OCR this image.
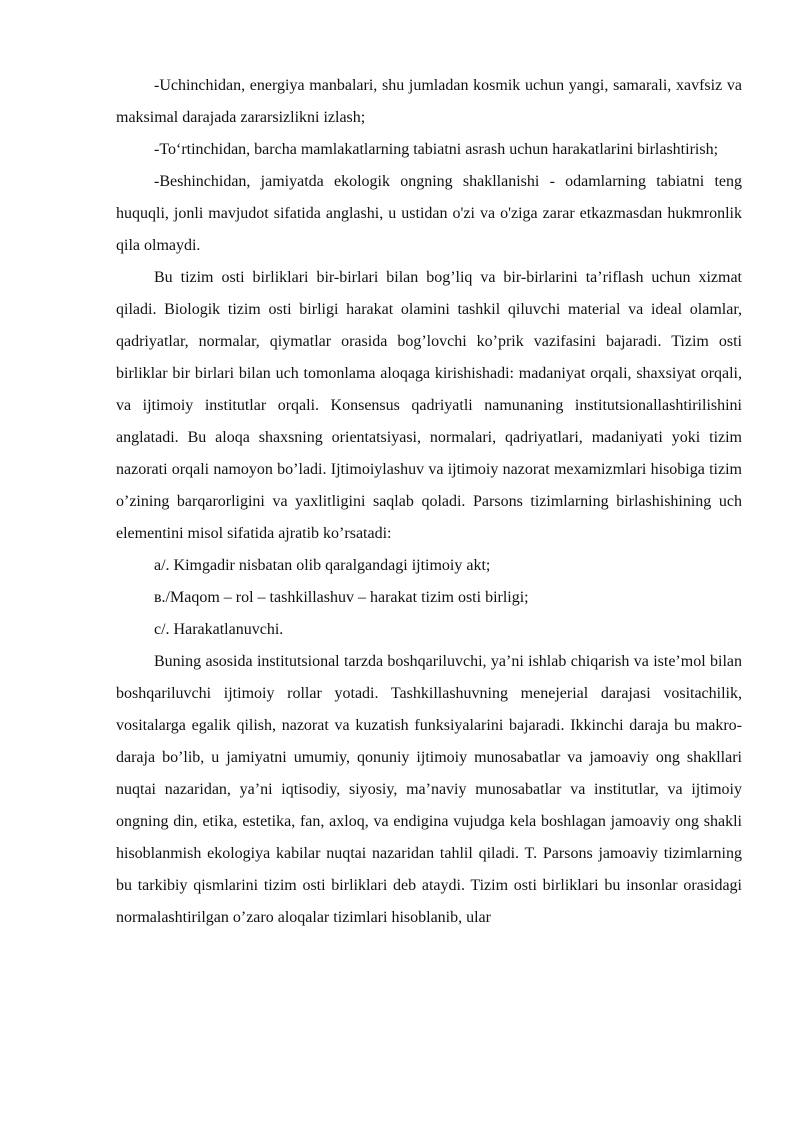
-Uchinchidan, energiya manbalari, shu jumladan kosmik uchun yangi, samarali, xavfsiz va maksimal darajada zararsizlikni izlash;

-To‘rtinchidan, barcha mamlakatlarning tabiatni asrash uchun harakatlarini birlashtirish;

-Beshinchidan, jamiyatda ekologik ongning shakllanishi - odamlarning tabiatni teng huquqli, jonli mavjudot sifatida anglashi, u ustidan o'zi va o'ziga zarar etkazmasdan hukmronlik qila olmaydi.

Bu tizim osti birliklari bir-birlari bilan bog’liq va bir-birlarini ta’riflash uchun xizmat qiladi. Biologik tizim osti birligi harakat olamini tashkil qiluvchi material va ideal olamlar, qadriyatlar, normalar, qiymatlar orasida bog’lovchi ko’prik vazifasini bajaradi. Tizim osti birliklar bir birlari bilan uch tomonlama aloqaga kirishishadi: madaniyat orqali, shaxsiyat orqali, va ijtimoiy institutlar orqali. Konsensus qadriyatli namunaning institutsionallashtirilishini anglatadi. Bu aloqa shaxsning orientatsiyasi, normalari, qadriyatlari, madaniyati yoki tizim nazorati orqali namoyon bo’ladi. Ijtimoiylashuv va ijtimoiy nazorat mexamizmlari hisobiga tizim o’zining barqarorligini va yaxlitligini saqlab qoladi. Parsons tizimlarning birlashishining uch elementini misol sifatida ajratib ko’rsatadi:

a/. Kimgadir nisbatan olib qaralgandagi ijtimoiy akt;

в./Maqom – rol – tashkillashuv – harakat tizim osti birligi;

c/. Harakatlanuvchi.

Buning asosida institutsional tarzda boshqariluvchi, ya’ni ishlab chiqarish va iste’mol bilan boshqariluvchi ijtimoiy rollar yotadi. Tashkillashuvning menejerial darajasi vositachilik, vositalarga egalik qilish, nazorat va kuzatish funksiyalarini bajaradi. Ikkinchi daraja bu makro-daraja bo’lib, u jamiyatni umumiy, qonuniy ijtimoiy munosabatlar va jamoaviy ong shakllari nuqtai nazaridan, ya’ni iqtisodiy, siyosiy, ma’naviy munosabatlar va institutlar, va ijtimoiy ongning din, etika, estetika, fan, axloq, va endigina vujudga kela boshlagan jamoaviy ong shakli hisoblanmish ekologiya kabilar nuqtai nazaridan tahlil qiladi. T. Parsons jamoaviy tizimlarning bu tarkibiy qismlarini tizim osti birliklari deb ataydi. Tizim osti birliklari bu insonlar orasidagi normalashtirilgan o’zaro aloqalar tizimlari hisoblanib, ular
